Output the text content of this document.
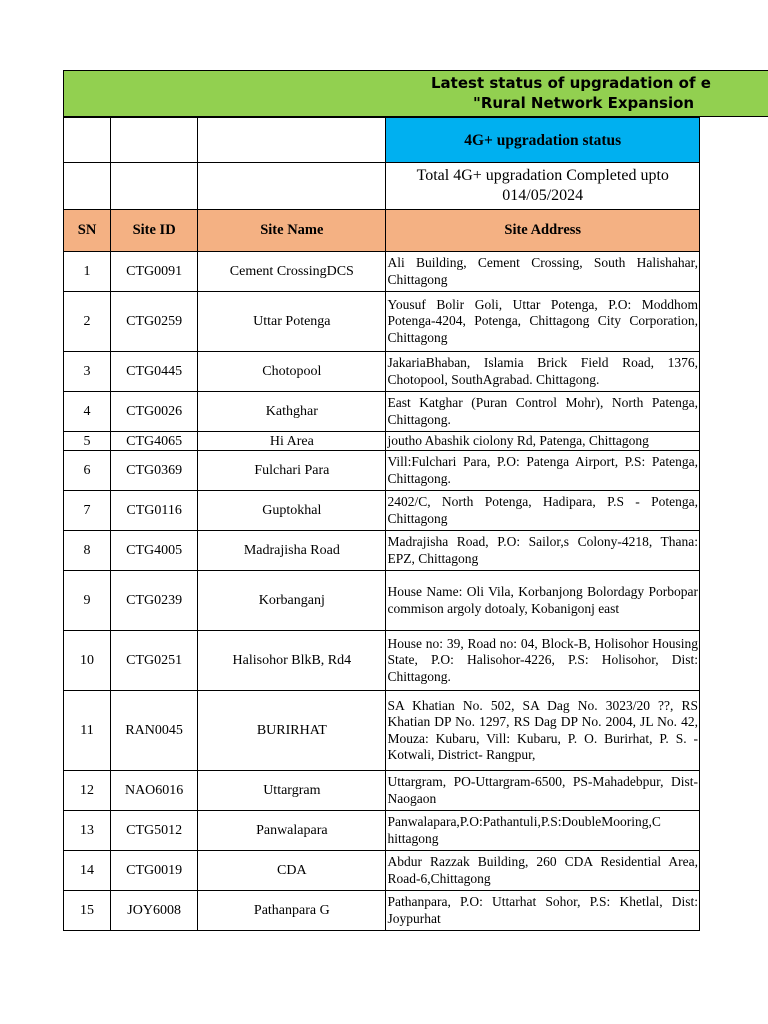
Latest status of upgradation of e
"Rural Network Expansion
			4G+ upgradation status
			Total 4G+ upgradation Completed upto 014/05/2024
SN	Site ID	Site Name	Site Address
1	CTG0091	Cement CrossingDCS	Ali Building, Cement Crossing, South Halishahar, Chittagong
2	CTG0259	Uttar Potenga	Yousuf Bolir Goli, Uttar Potenga, P.O: Moddhom Potenga-4204, Potenga, Chittagong City Corporation, Chittagong
3	CTG0445	Chotopool	JakariaBhaban, Islamia Brick Field Road, 1376, Chotopool, SouthAgrabad. Chittagong.
4	CTG0026	Kathghar	East Katghar (Puran Control Mohr), North Patenga, Chittagong.
5	CTG4065	Hi Area	joutho Abashik ciolony Rd, Patenga, Chittagong
6	CTG0369	Fulchari Para	Vill:Fulchari Para, P.O: Patenga Airport, P.S: Patenga, Chittagong.
7	CTG0116	Guptokhal	2402/C, North Potenga, Hadipara, P.S - Potenga, Chittagong
8	CTG4005	Madrajisha Road	Madrajisha Road, P.O: Sailor,s Colony-4218, Thana: EPZ, Chittagong
9	CTG0239	Korbanganj	House Name: Oli Vila, Korbanjong Bolordagy Porbopar commison argoly dotoaly, Kobanigonj east
10	CTG0251	Halisohor BlkB, Rd4	House no: 39, Road no: 04, Block-B, Holisohor Housing State, P.O: Halisohor-4226, P.S: Holisohor, Dist: Chittagong.
11	RAN0045	BURIRHAT	SA Khatian No. 502, SA Dag No. 3023/20 ??, RS Khatian DP No. 1297, RS Dag DP No. 2004, JL No. 42, Mouza: Kubaru, Vill: Kubaru, P. O. Burirhat, P. S. - Kotwali, District- Rangpur,
12	NAO6016	Uttargram	Uttargram, PO-Uttargram-6500, PS-Mahadebpur, Dist-Naogaon
13	CTG5012	Panwalapara	Panwalapara,P.O:Pathantuli,P.S:DoubleMooring,C hittagong
14	CTG0019	CDA	Abdur Razzak Building, 260 CDA Residential Area, Road-6,Chittagong
15	JOY6008	Pathanpara G	Pathanpara, P.O: Uttarhat Sohor, P.S: Khetlal, Dist: Joypurhat
